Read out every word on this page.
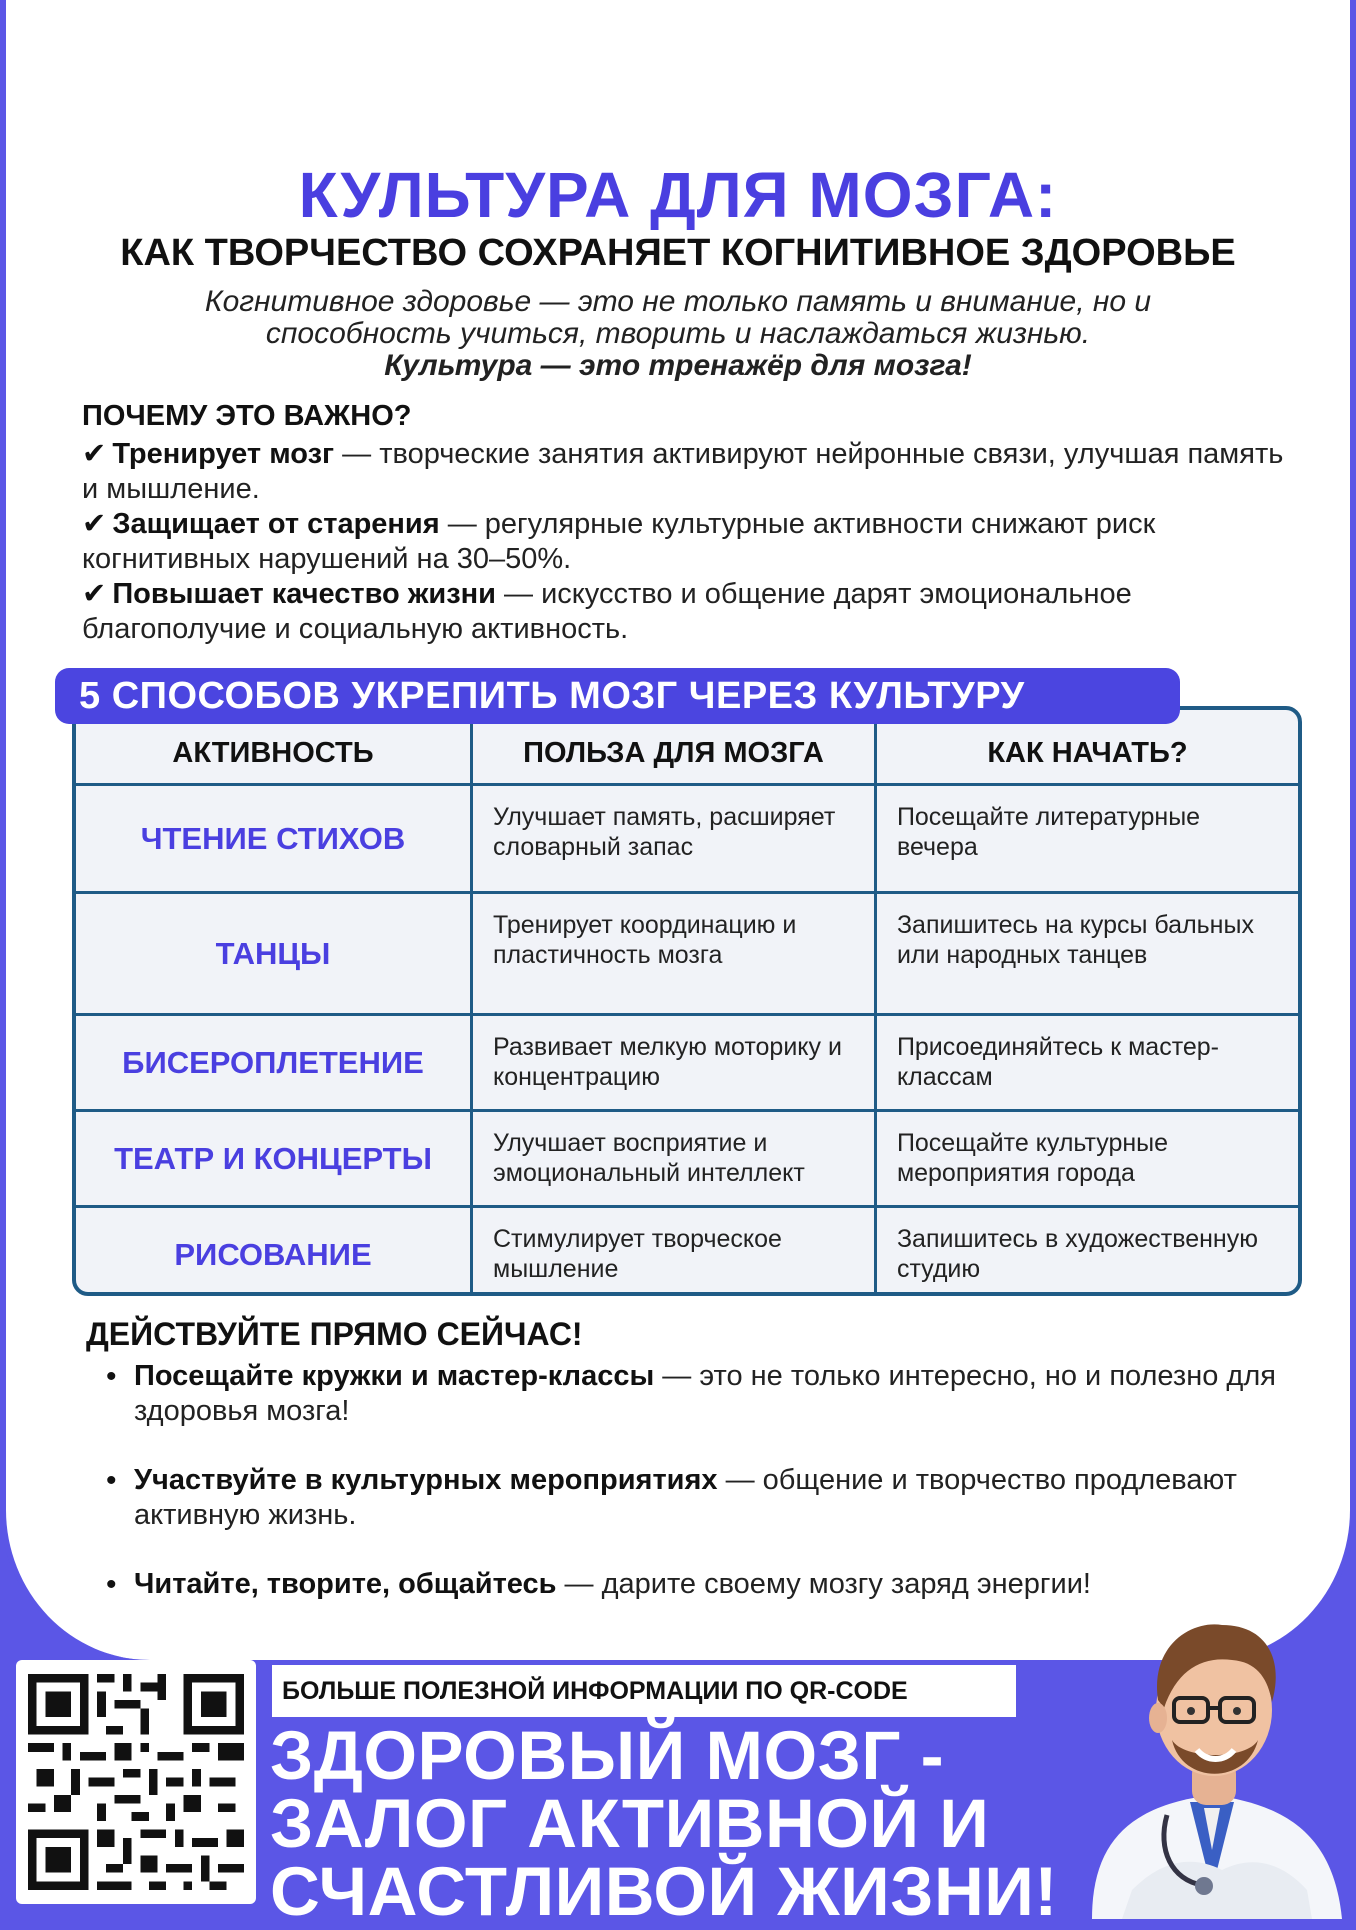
КУЛЬТУРА ДЛЯ МОЗГА:
КАК ТВОРЧЕСТВО СОХРАНЯЕТ КОГНИТИВНОЕ ЗДОРОВЬЕ

Когнитивное здоровье — это не только память и внимание, но и
способность учиться, творить и наслаждаться жизнью.
Культура — это тренажёр для мозга!

ПОЧЕМУ ЭТО ВАЖНО?

✔ Тренирует мозг — творческие занятия активируют нейронные связи, улучшая память и мышление.

✔ Защищает от старения — регулярные культурные активности снижают риск когнитивных нарушений на 30–50%.

✔ Повышает качество жизни — искусство и общение дарят эмоциональное благополучие и социальную активность.

АКТИВНОСТЬ	ПОЛЬЗА ДЛЯ МОЗГА	КАК НАЧАТЬ?
ЧТЕНИЕ СТИХОВ	Улучшает память, расширяет словарный запас	Посещайте литературные вечера
ТАНЦЫ	Тренирует координацию и пластичность мозга	Запишитесь на курсы бальных или народных танцев
БИСЕРОПЛЕТЕНИЕ	Развивает мелкую моторику и концентрацию	Присоединяйтесь к мастер-классам
ТЕАТР И КОНЦЕРТЫ	Улучшает восприятие и эмоциональный интеллект	Посещайте культурные мероприятия города
РИСОВАНИЕ	Стимулирует творческое мышление	Запишитесь в художественную студию
5 СПОСОБОВ УКРЕПИТЬ МОЗГ ЧЕРЕЗ КУЛЬТУРУ
ДЕЙСТВУЙТЕ ПРЯМО СЕЙЧАС!
• Посещайте кружки и мастер-классы — это не только интересно, но и полезно для здоровья мозга!
• Участвуйте в культурных мероприятиях — общение и творчество продлевают активную жизнь.
• Читайте, творите, общайтесь — дарите своему мозгу заряд энергии!
БОЛЬШЕ ПОЛЕЗНОЙ ИНФОРМАЦИИ ПО QR-CODE
ЗДОРОВЫЙ МОЗГ -
ЗАЛОГ АКТИВНОЙ И
СЧАСТЛИВОЙ ЖИЗНИ!
